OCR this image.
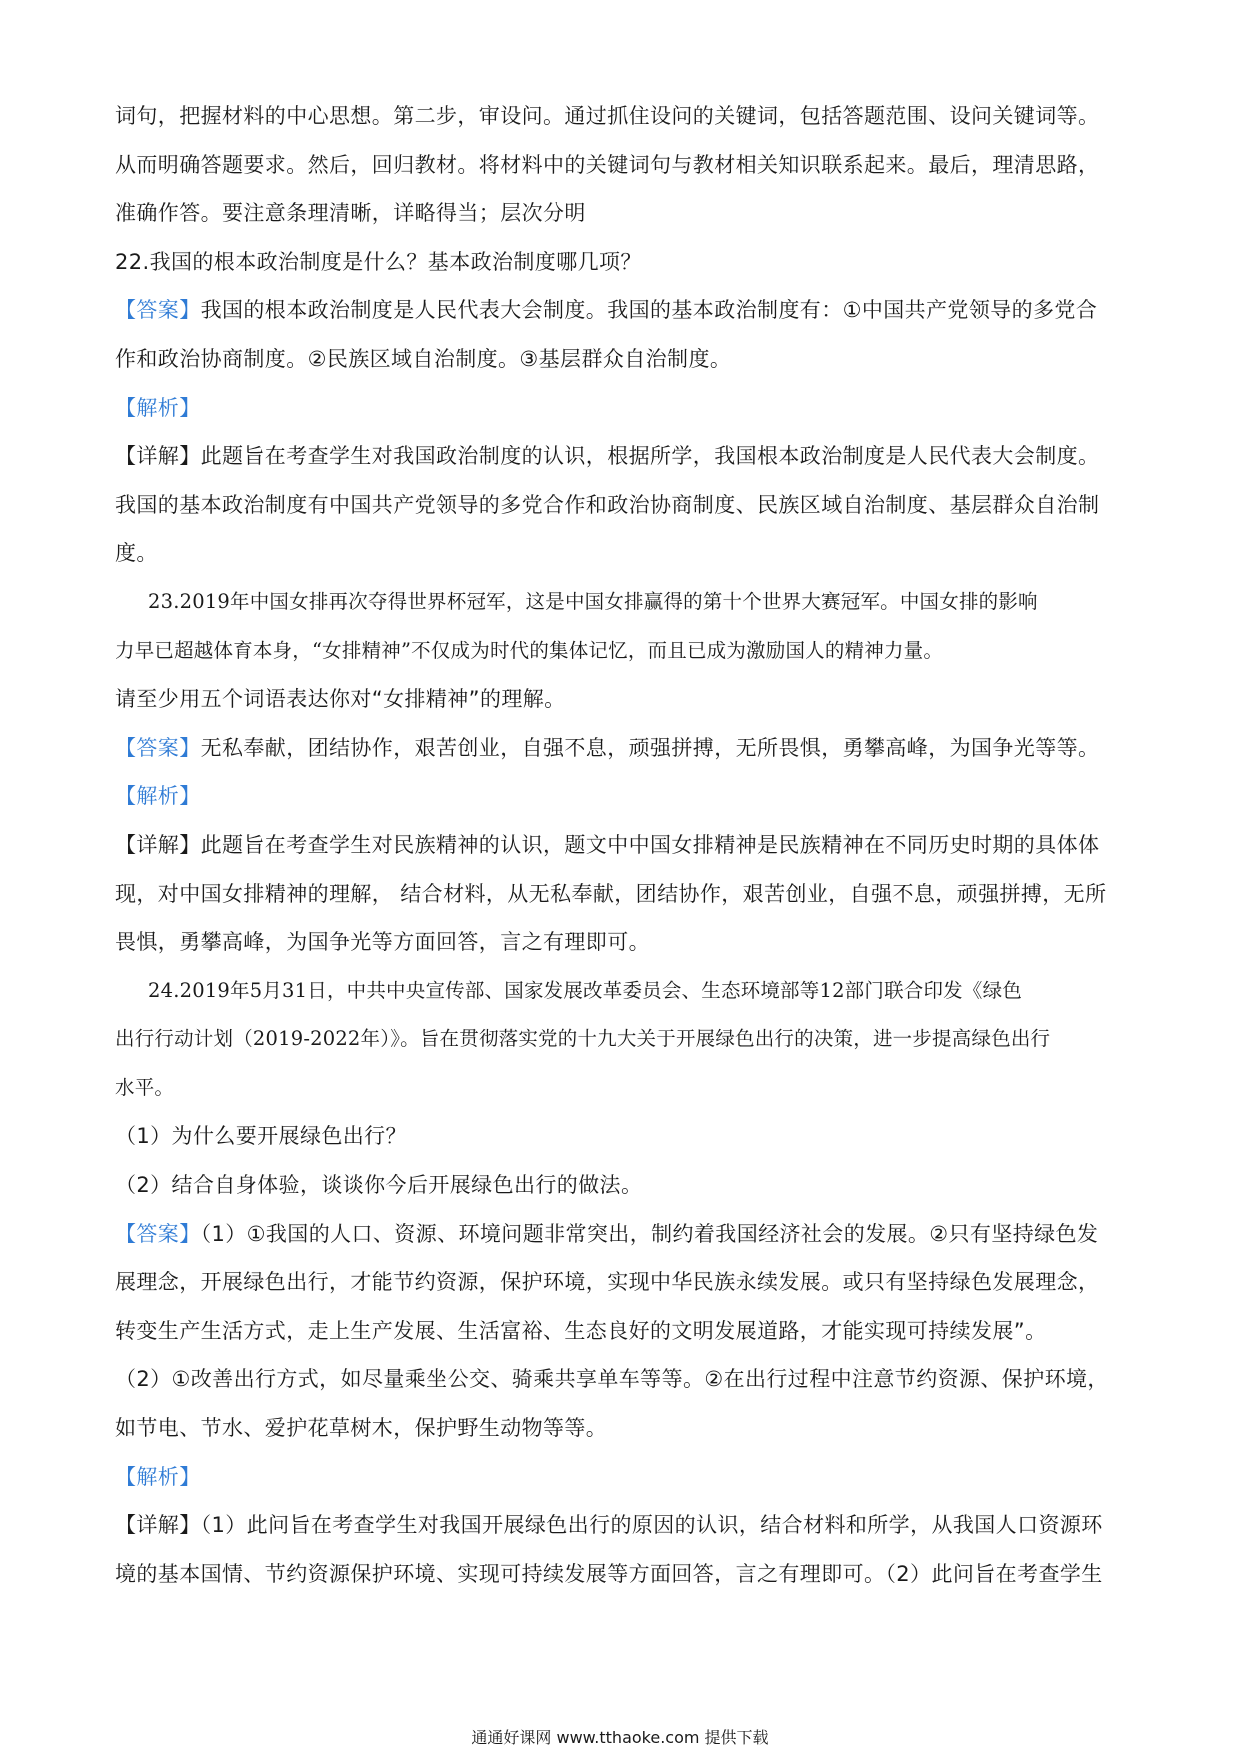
词句，把握材料的中心思想。第二步，审设问。通过抓住设问的关键词，包括答题范围、设问关键词等。
从而明确答题要求。然后，回归教材。将材料中的关键词句与教材相关知识联系起来。最后，理清思路，
准确作答。要注意条理清晰，详略得当；层次分明
22.我国的根本政治制度是什么？基本政治制度哪几项？
【答案】我国的根本政治制度是人民代表大会制度。我国的基本政治制度有：①中国共产党领导的多党合
作和政治协商制度。②民族区域自治制度。③基层群众自治制度。
【解析】
【详解】此题旨在考查学生对我国政治制度的认识，根据所学，我国根本政治制度是人民代表大会制度。
我国的基本政治制度有中国共产党领导的多党合作和政治协商制度、民族区域自治制度、基层群众自治制
度。
23.2019年中国女排再次夺得世界杯冠军，这是中国女排赢得的第十个世界大赛冠军。中国女排的影响
力早已超越体育本身，“女排精神”不仅成为时代的集体记忆，而且已成为激励国人的精神力量。
请至少用五个词语表达你对“女排精神”的理解。
【答案】无私奉献，团结协作，艰苦创业，自强不息，顽强拼搏，无所畏惧，勇攀高峰，为国争光等等。
【解析】
【详解】此题旨在考查学生对民族精神的认识，题文中中国女排精神是民族精神在不同历史时期的具体体
现，对中国女排精神的理解， 结合材料，从无私奉献，团结协作，艰苦创业，自强不息，顽强拼搏，无所
畏惧，勇攀高峰，为国争光等方面回答，言之有理即可。
24.2019年5月31日，中共中央宣传部、国家发展改革委员会、生态环境部等12部门联合印发《绿色
出行行动计划（2019-2022年）》。旨在贯彻落实党的十九大关于开展绿色出行的决策，进一步提高绿色出行
水平。
（1）为什么要开展绿色出行？
（2）结合自身体验，谈谈你今后开展绿色出行的做法。
【答案】（1）①我国的人口、资源、环境问题非常突出，制约着我国经济社会的发展。②只有坚持绿色发
展理念，开展绿色出行，才能节约资源，保护环境，实现中华民族永续发展。或只有坚持绿色发展理念，
转变生产生活方式，走上生产发展、生活富裕、生态良好的文明发展道路，才能实现可持续发展”。
（2）①改善出行方式，如尽量乘坐公交、骑乘共享单车等等。②在出行过程中注意节约资源、保护环境，
如节电、节水、爱护花草树木，保护野生动物等等。
【解析】
【详解】（1）此问旨在考查学生对我国开展绿色出行的原因的认识，结合材料和所学，从我国人口资源环
境的基本国情、节约资源保护环境、实现可持续发展等方面回答，言之有理即可。（2）此问旨在考查学生
通通好课网 www.tthaoke.com 提供下载
